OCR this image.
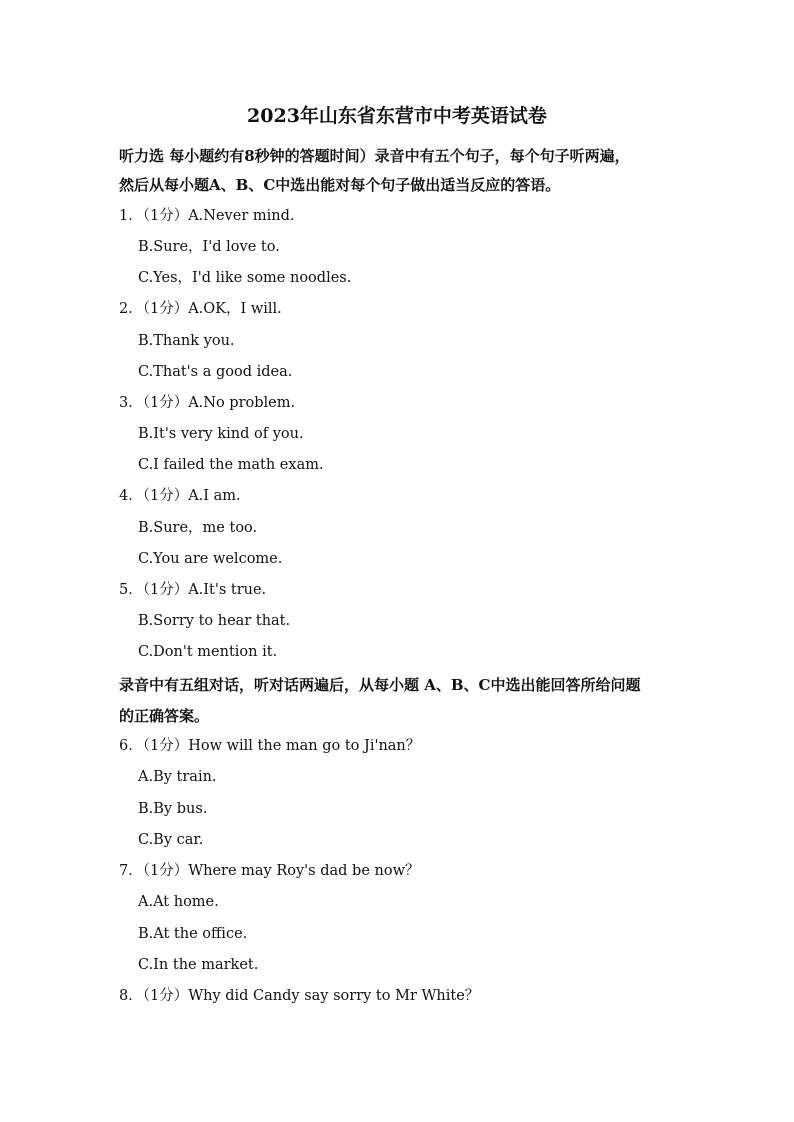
2023年山东省东营市中考英语试卷
听力选 每小题约有8秒钟的答题时间）录音中有五个句子，每个句子听两遍，
然后从每小题A、B、C中选出能对每个句子做出适当反应的答语。
1．（1分）A.Never mind.
B.Sure，I'd love to.
C.Yes，I'd like some noodles.
2．（1分）A.OK，I will.
B.Thank you.
C.That's a good idea.
3．（1分）A.No problem.
B.It's very kind of you.
C.I failed the math exam.
4．（1分）A.I am.
B.Sure，me too.
C.You are welcome.
5．（1分）A.It's true.
B.Sorry to hear that.
C.Don't mention it.
录音中有五组对话，听对话两遍后，从每小题 A、B、C中选出能回答所给问题
的正确答案。
6．（1分）How will the man go to Ji'nan？
A.By train.
B.By bus.
C.By car.
7．（1分）Where may Roy's dad be now？
A.At home.
B.At the office.
C.In the market.
8．（1分）Why did Candy say sorry to Mr White？
